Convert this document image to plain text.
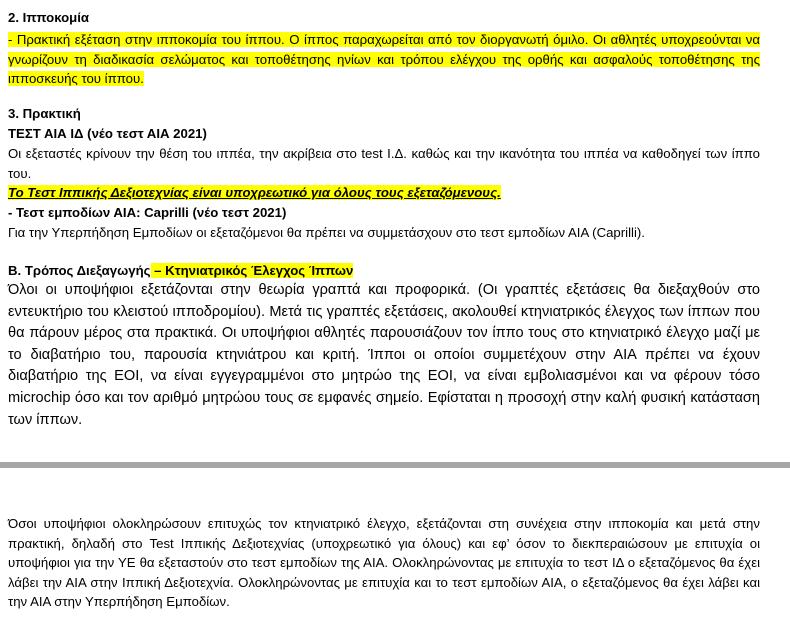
2. Ιπποκομία
- Πρακτική εξέταση στην ιπποκομία του ίππου. Ο ίππος παραχωρείται από τον διοργανωτή όμιλο. Οι αθλητές υποχρεούνται να γνωρίζουν τη διαδικασία σελώματος και τοποθέτησης ηνίων και τρόπου ελέγχου της ορθής και ασφαλούς τοποθέτησης της ιπποσκευής του ίππου.
3. Πρακτική
ΤΕΣΤ ΑΙΑ ΙΔ (νέο τεστ ΑΙΑ 2021)
Οι εξεταστές κρίνουν την θέση του ιππέα, την ακρίβεια στο test Ι.Δ. καθώς και την ικανότητα του ιππέα να καθοδηγεί των ίππο του.
Το Τεστ Ιππικής Δεξιοτεχνίας είναι υποχρεωτικό για όλους τους εξεταζόμενους.
- Τεστ εμποδίων ΑΙΑ: Caprilli (νέο τεστ 2021)
Για την Υπερπήδηση Εμποδίων οι εξεταζόμενοι θα πρέπει να συμμετάσχουν στο τεστ εμποδίων ΑΙΑ (Caprilli).
Β. Τρόπος Διεξαγωγής – Κτηνιατρικός Έλεγχος Ίππων
Όλοι οι υποψήφιοι εξετάζονται στην θεωρία γραπτά και προφορικά. (Οι γραπτές εξετάσεις θα διεξαχθούν στο εντευκτήριο του κλειστού ιπποδρομίου). Μετά τις γραπτές εξετάσεις, ακολουθεί κτηνιατρικός έλεγχος των ίππων που θα πάρουν μέρος στα πρακτικά. Οι υποψήφιοι αθλητές παρουσιάζουν τον ίππο τους στο κτηνιατρικό έλεγχο μαζί με το διαβατήριο του, παρουσία κτηνιάτρου και κριτή. Ίπποι οι οποίοι συμμετέχουν στην ΑΙΑ πρέπει να έχουν διαβατήριο της ΕΟΙ, να είναι εγγεγραμμένοι στο μητρώο της ΕΟΙ, να είναι εμβολιασμένοι και να φέρουν τόσο microchip όσο και τον αριθμό μητρώου τους σε εμφανές σημείο. Εφίσταται η προσοχή στην καλή φυσική κατάσταση των ίππων.
Όσοι υποψήφιοι ολοκληρώσουν επιτυχώς τον κτηνιατρικό έλεγχο, εξετάζονται στη συνέχεια στην ιπποκομία και μετά στην πρακτική, δηλαδή στο Test Ιππικής Δεξιοτεχνίας (υποχρεωτικό για όλους) και εφ’ όσον το διεκπεραιώσουν με επιτυχία οι υποψήφιοι για την ΥΕ θα εξεταστούν στο τεστ εμποδίων της ΑΙΑ. Ολοκληρώνοντας με επιτυχία το τεστ ΙΔ ο εξεταζόμενος θα έχει λάβει την ΑΙΑ στην Ιππική Δεξιοτεχνία. Ολοκληρώνοντας με επιτυχία και το τεστ εμποδίων ΑΙΑ, ο εξεταζόμενος θα έχει λάβει και την ΑΙΑ στην Υπερπήδηση Εμποδίων.
